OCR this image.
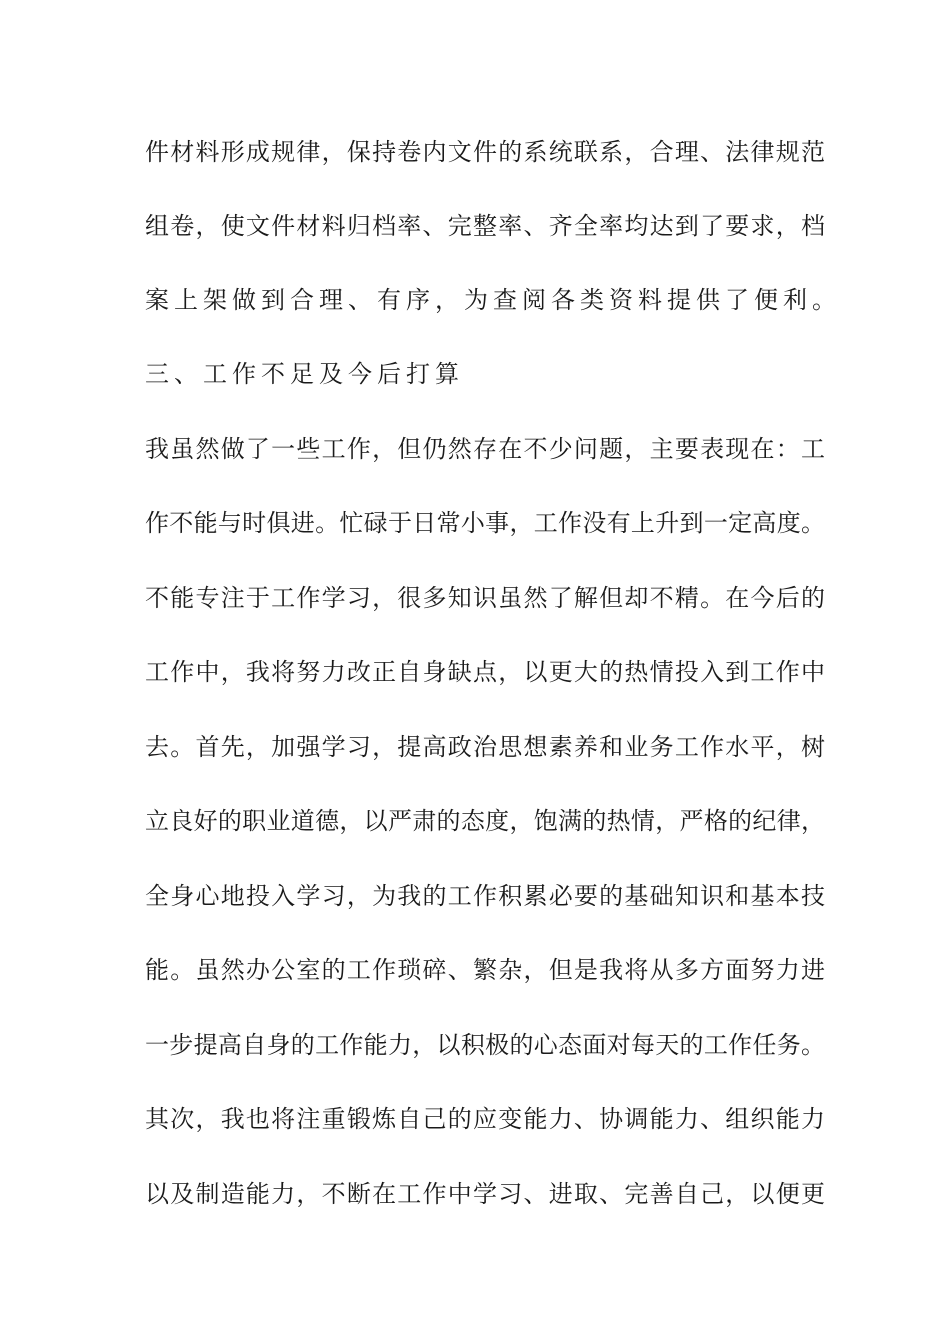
件材料形成规律，保持卷内文件的系统联系，合理、法律规范

组卷，使文件材料归档率、完整率、齐全率均达到了要求，档

案上架做到合理、有序，为查阅各类资料提供了便利。

三、工作不足及今后打算

我虽然做了一些工作，但仍然存在不少问题，主要表现在：工

作不能与时俱进。忙碌于日常小事，工作没有上升到一定高度。

不能专注于工作学习，很多知识虽然了解但却不精。在今后的

工作中，我将努力改正自身缺点，以更大的热情投入到工作中

去。首先，加强学习，提高政治思想素养和业务工作水平，树

立良好的职业道德，以严肃的态度，饱满的热情，严格的纪律，

全身心地投入学习，为我的工作积累必要的基础知识和基本技

能。虽然办公室的工作琐碎、繁杂，但是我将从多方面努力进

一步提高自身的工作能力，以积极的心态面对每天的工作任务。

其次，我也将注重锻炼自己的应变能力、协调能力、组织能力

以及制造能力，不断在工作中学习、进取、完善自己，以便更
